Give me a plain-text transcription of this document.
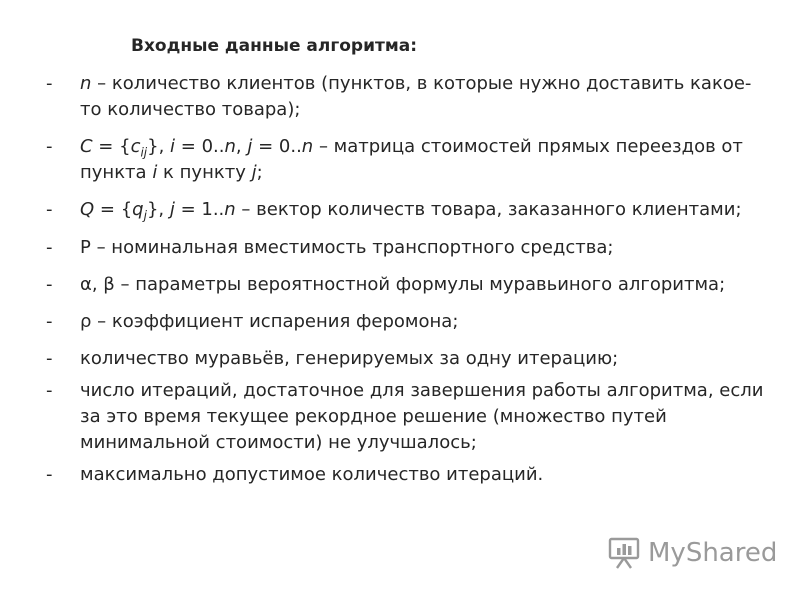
Входные данные алгоритма:
- n – количество клиентов (пунктов, в которые нужно доставить какое-то количество товара);
- $C = \{c_{ij}\}$, i = 0..n, j = 0..n – матрица стоимостей прямых переездов от пункта i к пункту j;
- $Q = \{q_j\}$, j = 1..n – вектор количеств товара, заказанного клиентами;
- P – номинальная вместимость транспортного средства;
- α, β – параметры вероятностной формулы муравьиного алгоритма;
- ρ – коэффициент испарения феромона;
- количество муравьёв, генерируемых за одну итерацию;
- число итераций, достаточное для завершения работы алгоритма, если за это время текущее рекордное решение (множество путей минимальной стоимости) не улучшалось;
- максимально допустимое количество итераций.
MyShared
